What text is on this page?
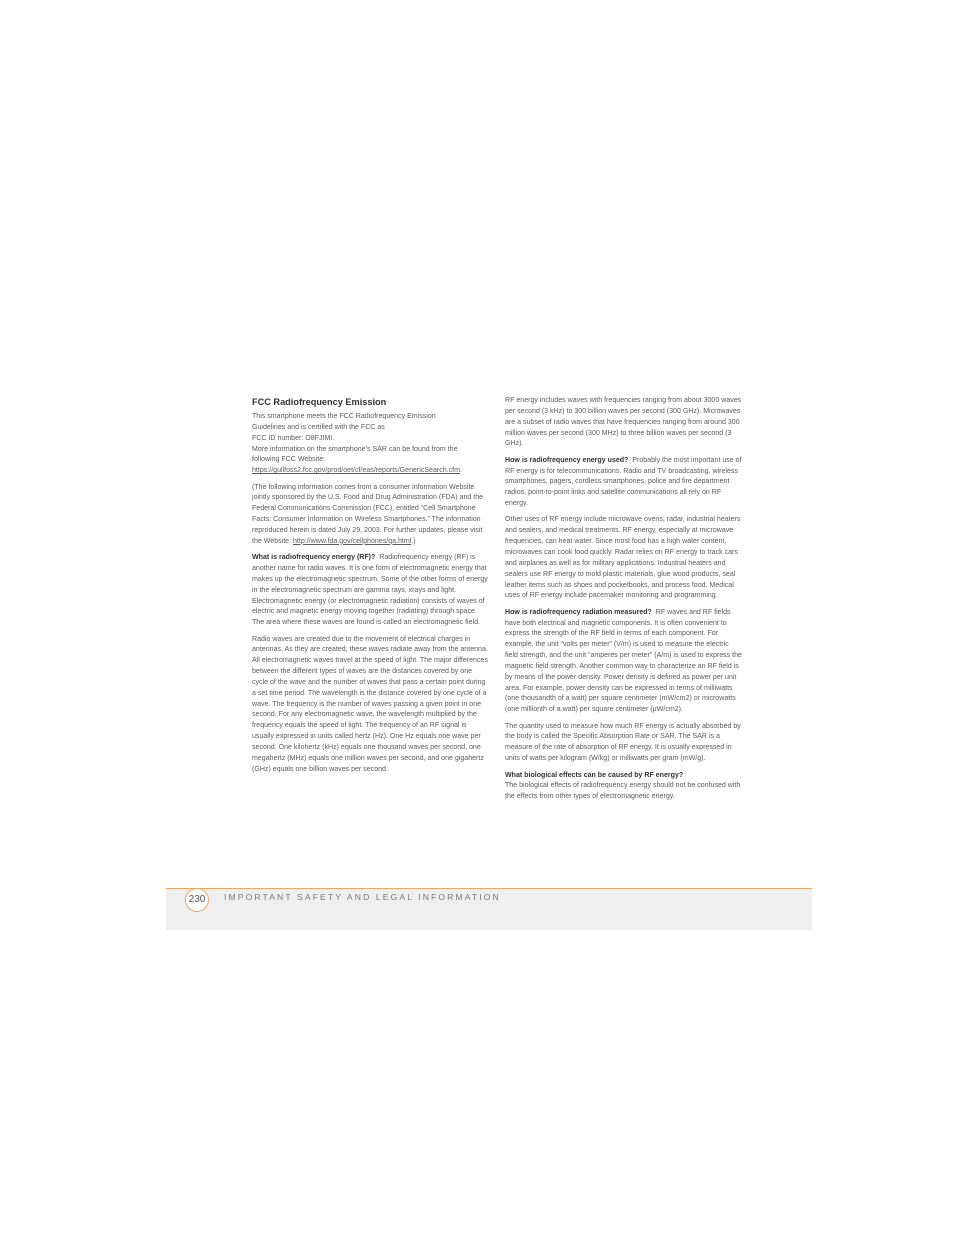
FCC Radiofrequency Emission

This smartphone meets the FCC Radiofrequency Emission
Guidelines and is certified with the FCC as
FCC ID number: O8FJIMI.
More information on the smartphone’s SAR can be found from the
following FCC Website:
https://gullfoss2.fcc.gov/prod/oet/cf/eas/reports/GenericSearch.cfm.

(The following information comes from a consumer information Website jointly sponsored by the U.S. Food and Drug Administration (FDA) and the Federal Communications Commission (FCC), entitled “Cell Smartphone Facts: Consumer Information on Wireless Smartphones.” The information reproduced herein is dated July 29, 2003. For further updates, please visit the Website: http://www.fda.gov/cellphones/qa.html.)

What is radiofrequency energy (RF)? Radiofrequency energy (RF) is another name for radio waves. It is one form of electromagnetic energy that makes up the electromagnetic spectrum. Some of the other forms of energy in the electromagnetic spectrum are gamma rays, xrays and light. Electromagnetic energy (or electromagnetic radiation) consists of waves of electric and magnetic energy moving together (radiating) through space. The area where these waves are found is called an electromagnetic field.

Radio waves are created due to the movement of electrical charges in antennas. As they are created, these waves radiate away from the antenna. All electromagnetic waves travel at the speed of light. The major differences between the different types of waves are the distances covered by one cycle of the wave and the number of waves that pass a certain point during a set time period. The wavelength is the distance covered by one cycle of a wave. The frequency is the number of waves passing a given point in one second. For any electromagnetic wave, the wavelength multiplied by the frequency equals the speed of light. The frequency of an RF signal is usually expressed in units called hertz (Hz). One Hz equals one wave per second. One kilohertz (kHz) equals one thousand waves per second, one megahertz (MHz) equals one million waves per second, and one gigahertz (GHz) equals one billion waves per second.

RF energy includes waves with frequencies ranging from about 3000 waves per second (3 kHz) to 300 billion waves per second (300 GHz). Microwaves are a subset of radio waves that have frequencies ranging from around 300 million waves per second (300 MHz) to three billion waves per second (3 GHz).

How is radiofrequency energy used? Probably the most important use of RF energy is for telecommunications. Radio and TV broadcasting, wireless smartphones, pagers, cordless smartphones, police and fire department radios, point-to-point links and satellite communications all rely on RF energy.

Other uses of RF energy include microwave ovens, radar, industrial heaters and sealers, and medical treatments. RF energy, especially at microwave frequencies, can heat water. Since most food has a high water content, microwaves can cook food quickly. Radar relies on RF energy to track cars and airplanes as well as for military applications. Industrial heaters and sealers use RF energy to mold plastic materials, glue wood products, seal leather items such as shoes and pocketbooks, and process food. Medical uses of RF energy include pacemaker monitoring and programming.

How is radiofrequency radiation measured? RF waves and RF fields have both electrical and magnetic components. It is often convenient to express the strength of the RF field in terms of each component. For example, the unit “volts per meter” (V/m) is used to measure the electric field strength, and the unit “amperes per meter” (A/m) is used to express the magnetic field strength. Another common way to characterize an RF field is by means of the power density. Power density is defined as power per unit area. For example, power density can be expressed in terms of milliwatts (one thousandth of a watt) per square centimeter (mW/cm2) or microwatts (one millionth of a watt) per square centimeter (μW/cm2).

The quantity used to measure how much RF energy is actually absorbed by the body is called the Specific Absorption Rate or SAR. The SAR is a measure of the rate of absorption of RF energy. It is usually expressed in units of watts per kilogram (W/kg) or milliwatts per gram (mW/g).

What biological effects can be caused by RF energy?
The biological effects of radiofrequency energy should not be confused with the effects from other types of electromagnetic energy.

230	IMPORTANT SAFETY AND LEGAL INFORMATION
